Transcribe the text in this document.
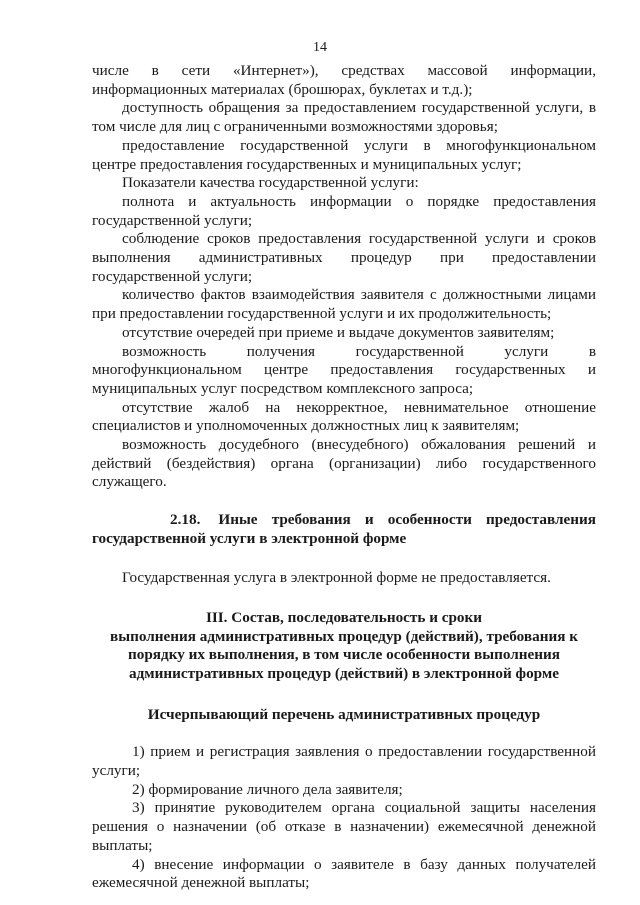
14

числе в сети «Интернет»), средствах массовой информации, информационных материалах (брошюрах, буклетах и т.д.);

доступность обращения за предоставлением государственной услуги, в том числе для лиц с ограниченными возможностями здоровья;

предоставление государственной услуги в многофункциональном центре предоставления государственных и муниципальных услуг;

Показатели качества государственной услуги:

полнота и актуальность информации о порядке предоставления государственной услуги;

соблюдение сроков предоставления государственной услуги и сроков выполнения административных процедур при предоставлении государственной услуги;

количество фактов взаимодействия заявителя с должностными лицами при предоставлении государственной услуги и их продолжительность;

отсутствие очередей при приеме и выдаче документов заявителям;

возможность получения государственной услуги в многофункциональном центре предоставления государственных и муниципальных услуг посредством комплексного запроса;

отсутствие жалоб на некорректное, невнимательное отношение специалистов и уполномоченных должностных лиц к заявителям;

возможность досудебного (внесудебного) обжалования решений и действий (бездействия) органа (организации) либо государственного служащего.

2.18. Иные требования и особенности предоставления государственной услуги в электронной форме

Государственная услуга в электронной форме не предоставляется.

III. Состав, последовательность и сроки
выполнения административных процедур (действий), требования к
порядку их выполнения, в том числе особенности выполнения
административных процедур (действий) в электронной форме
Исчерпывающий перечень административных процедур

1) прием и регистрация заявления о предоставлении государственной услуги;

2) формирование личного дела заявителя;

3) принятие руководителем органа социальной защиты населения решения о назначении (об отказе в назначении) ежемесячной денежной выплаты;

4) внесение информации о заявителе в базу данных получателей ежемесячной денежной выплаты;
